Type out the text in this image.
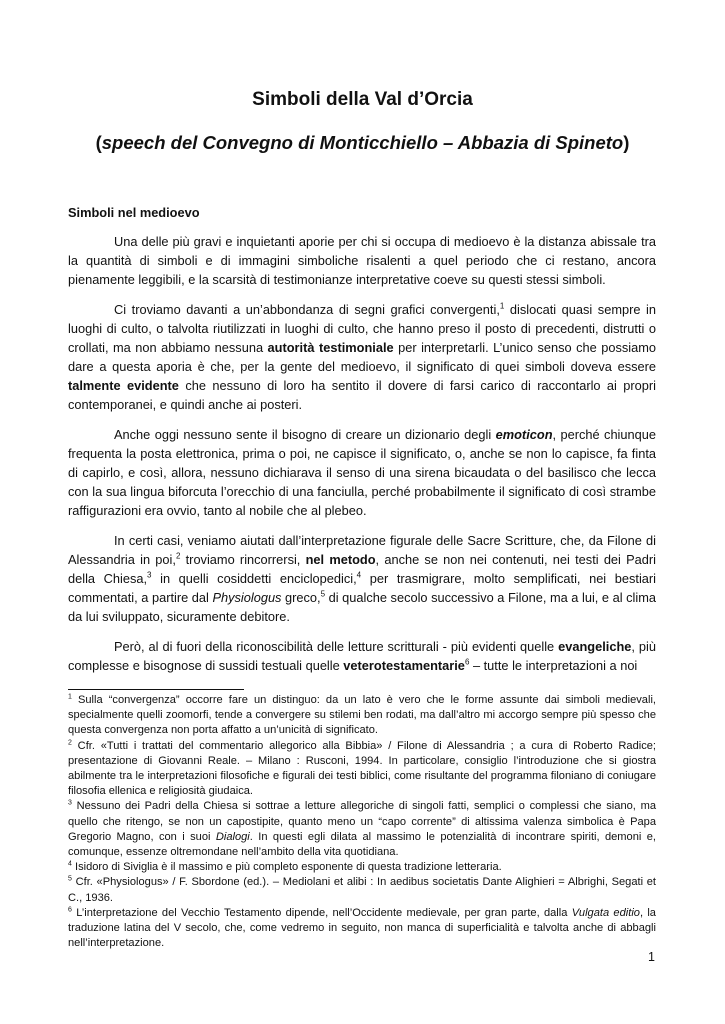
Simboli della Val d’Orcia
(speech del Convegno di Monticchiello – Abbazia di Spineto)

Simboli nel medioevo

Una delle più gravi e inquietanti aporie per chi si occupa di medioevo è la distanza abissale tra la quantità di simboli e di immagini simboliche risalenti a quel periodo che ci restano, ancora pienamente leggibili, e la scarsità di testimonianze interpretative coeve su questi stessi simboli.

Ci troviamo davanti a un’abbondanza di segni grafici convergenti,$^1$ dislocati quasi sempre in luoghi di culto, o talvolta riutilizzati in luoghi di culto, che hanno preso il posto di precedenti, distrutti o crollati, ma non abbiamo nessuna autorità testimoniale per interpretarli. L’unico senso che possiamo dare a questa aporia è che, per la gente del medioevo, il significato di quei simboli doveva essere talmente evidente che nessuno di loro ha sentito il dovere di farsi carico di raccontarlo ai propri contemporanei, e quindi anche ai posteri.

Anche oggi nessuno sente il bisogno di creare un dizionario degli emoticon, perché chiunque frequenta la posta elettronica, prima o poi, ne capisce il significato, o, anche se non lo capisce, fa finta di capirlo, e così, allora, nessuno dichiarava il senso di una sirena bicaudata o del basilisco che lecca con la sua lingua biforcuta l’orecchio di una fanciulla, perché probabilmente il significato di così strambe raffigurazioni era ovvio, tanto al nobile che al plebeo.

In certi casi, veniamo aiutati dall’interpretazione figurale delle Sacre Scritture, che, da Filone di Alessandria in poi,$^2$ troviamo rincorrersi, nel metodo, anche se non nei contenuti, nei testi dei Padri della Chiesa,$^3$ in quelli cosiddetti enciclopedici,$^4$ per trasmigrare, molto semplificati, nei bestiari commentati, a partire dal Physiologus greco,$^5$ di qualche secolo successivo a Filone, ma a lui, e al clima da lui sviluppato, sicuramente debitore.

Però, al di fuori della riconoscibilità delle letture scritturali - più evidenti quelle evangeliche, più complesse e bisognose di sussidi testuali quelle veterotestamentarie$^6$ – tutte le interpretazioni a noi

$^1$ Sulla “convergenza” occorre fare un distinguo: da un lato è vero che le forme assunte dai simboli medievali, specialmente quelli zoomorfi, tende a convergere su stilemi ben rodati, ma dall’altro mi accorgo sempre più spesso che questa convergenza non porta affatto a un’unicità di significato.

$^2$ Cfr. «Tutti i trattati del commentario allegorico alla Bibbia» / Filone di Alessandria ; a cura di Roberto Radice; presentazione di Giovanni Reale. – Milano : Rusconi, 1994. In particolare, consiglio l’introduzione che si giostra abilmente tra le interpretazioni filosofiche e figurali dei testi biblici, come risultante del programma filoniano di coniugare filosofia ellenica e religiosità giudaica.

$^3$ Nessuno dei Padri della Chiesa si sottrae a letture allegoriche di singoli fatti, semplici o complessi che siano, ma quello che ritengo, se non un capostipite, quanto meno un “capo corrente” di altissima valenza simbolica è Papa Gregorio Magno, con i suoi Dialogi. In questi egli dilata al massimo le potenzialità di incontrare spiriti, demoni e, comunque, essenze oltremondane nell’ambito della vita quotidiana.

$^4$ Isidoro di Siviglia è il massimo e più completo esponente di questa tradizione letteraria.

$^5$ Cfr. «Physiologus» / F. Sbordone (ed.). – Mediolani et alibi : In aedibus societatis Dante Alighieri = Albrighi, Segati et C., 1936.

$^6$ L’interpretazione del Vecchio Testamento dipende, nell’Occidente medievale, per gran parte, dalla Vulgata editio, la traduzione latina del V secolo, che, come vedremo in seguito, non manca di superficialità e talvolta anche di abbagli nell’interpretazione.

1
